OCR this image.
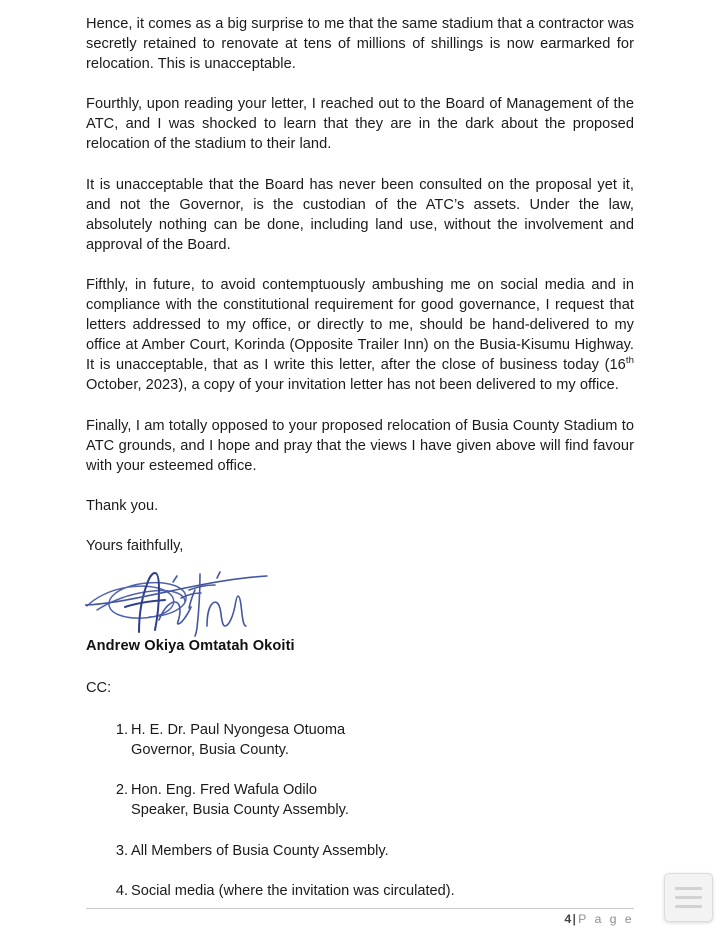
Hence, it comes as a big surprise to me that the same stadium that a contractor was secretly retained to renovate at tens of millions of shillings is now earmarked for relocation. This is unacceptable.

Fourthly, upon reading your letter, I reached out to the Board of Management of the ATC, and I was shocked to learn that they are in the dark about the proposed relocation of the stadium to their land.

It is unacceptable that the Board has never been consulted on the proposal yet it, and not the Governor, is the custodian of the ATC’s assets. Under the law, absolutely nothing can be done, including land use, without the involvement and approval of the Board.

Fifthly, in future, to avoid contemptuously ambushing me on social media and in compliance with the constitutional requirement for good governance, I request that letters addressed to my office, or directly to me, should be hand-delivered to my office at Amber Court, Korinda (Opposite Trailer Inn) on the Busia-Kisumu Highway. It is unacceptable, that as I write this letter, after the close of business today (16th October, 2023), a copy of your invitation letter has not been delivered to my office.

Finally, I am totally opposed to your proposed relocation of Busia County Stadium to ATC grounds, and I hope and pray that the views I have given above will find favour with your esteemed office.

Thank you.

Yours faithfully,

Andrew Okiya Omtatah Okoiti

CC:

1. H. E. Dr. Paul Nyongesa Otuoma
Governor, Busia County.
2. Hon. Eng. Fred Wafula Odilo
Speaker, Busia County Assembly.
3. All Members of Busia County Assembly.
4. Social media (where the invitation was circulated).
4| P a g e
